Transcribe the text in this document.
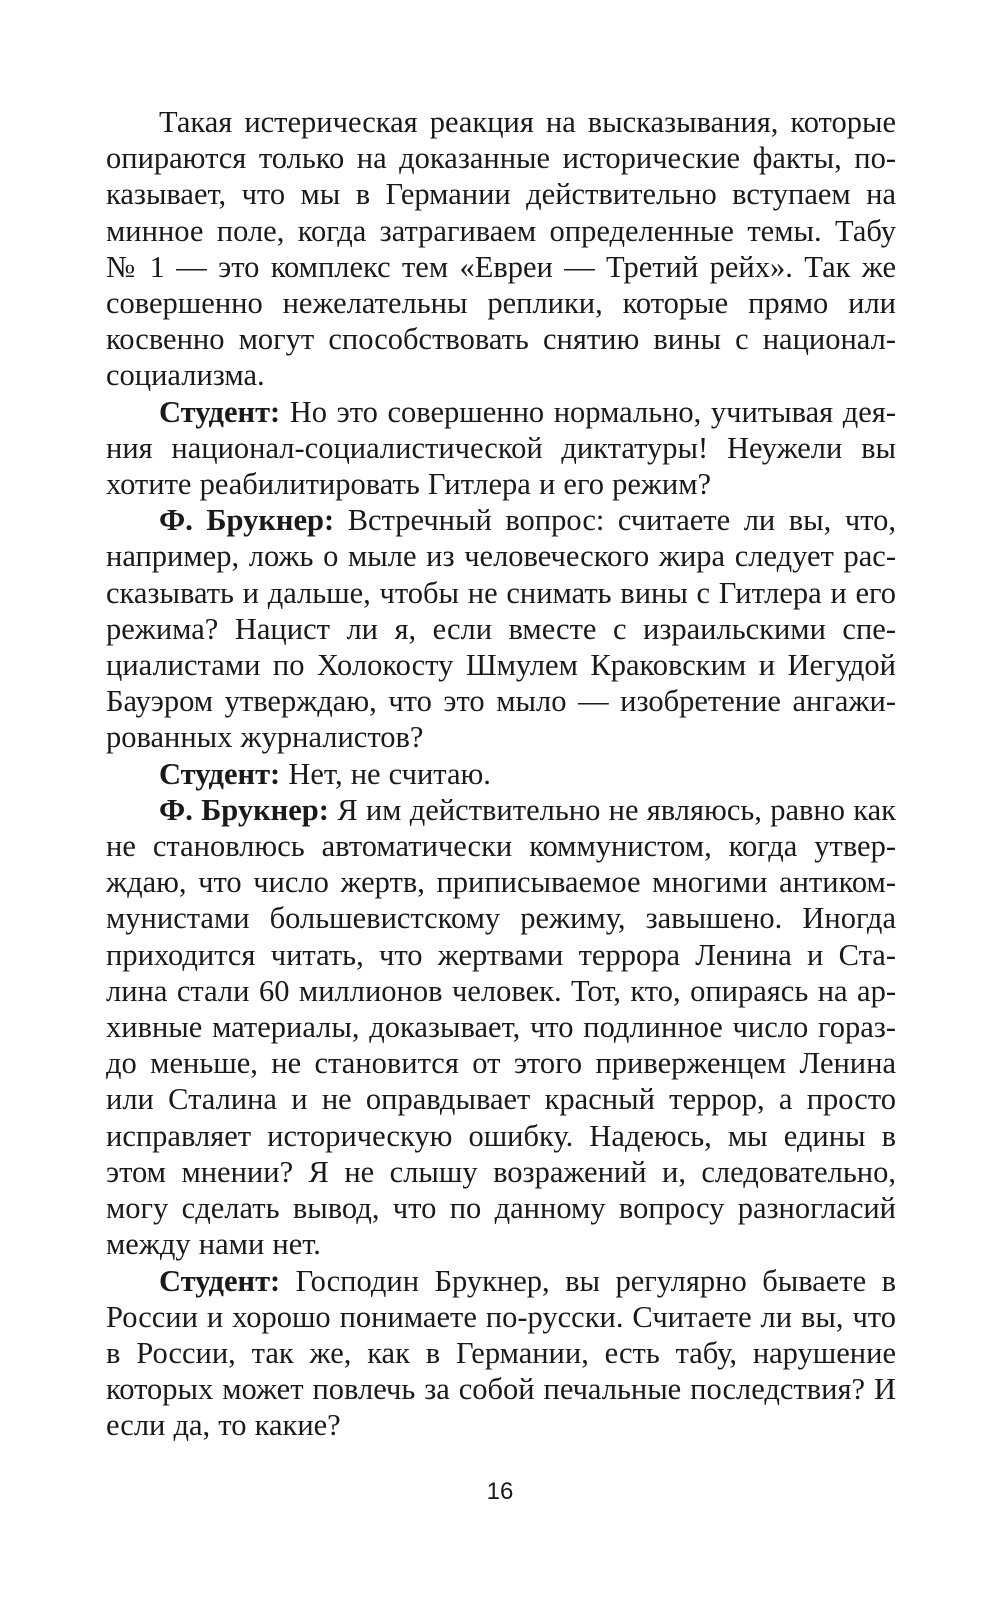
Такая истерическая реакция на высказывания, которые опираются только на доказанные исторические факты, показывает, что мы в Германии действительно вступаем на минное поле, когда затрагиваем определенные темы. Табу № 1 — это комплекс тем «Евреи — Третий рейх». Так же совершенно нежелательны реплики, которые прямо или косвенно могут способствовать снятию вины с национал-социализма.

Студент: Но это совершенно нормально, учитывая деяния национал-социалистической диктатуры! Неужели вы хотите реабилитировать Гитлера и его режим?

Ф. Брукнер: Встречный вопрос: считаете ли вы, что, например, ложь о мыле из человеческого жира следует рассказывать и дальше, чтобы не снимать вины с Гитлера и его режима? Нацист ли я, если вместе с израильскими специалистами по Холокосту Шмулем Краковским и Иегудой Бауэром утверждаю, что это мыло — изобретение ангажированных журналистов?

Студент: Нет, не считаю.

Ф. Брукнер: Я им действительно не являюсь, равно как не становлюсь автоматически коммунистом, когда утверждаю, что число жертв, приписываемое многими антикоммунистами большевистскому режиму, завышено. Иногда приходится читать, что жертвами террора Ленина и Сталина стали 60 миллионов человек. Тот, кто, опираясь на архивные материалы, доказывает, что подлинное число гораздо меньше, не становится от этого приверженцем Ленина или Сталина и не оправдывает красный террор, а просто исправляет историческую ошибку. Надеюсь, мы едины в этом мнении? Я не слышу возражений и, следовательно, могу сделать вывод, что по данному вопросу разногласий между нами нет.

Студент: Господин Брукнер, вы регулярно бываете в России и хорошо понимаете по-русски. Считаете ли вы, что в России, так же, как в Германии, есть табу, нарушение которых может повлечь за собой печальные последствия? И если да, то какие?

16
